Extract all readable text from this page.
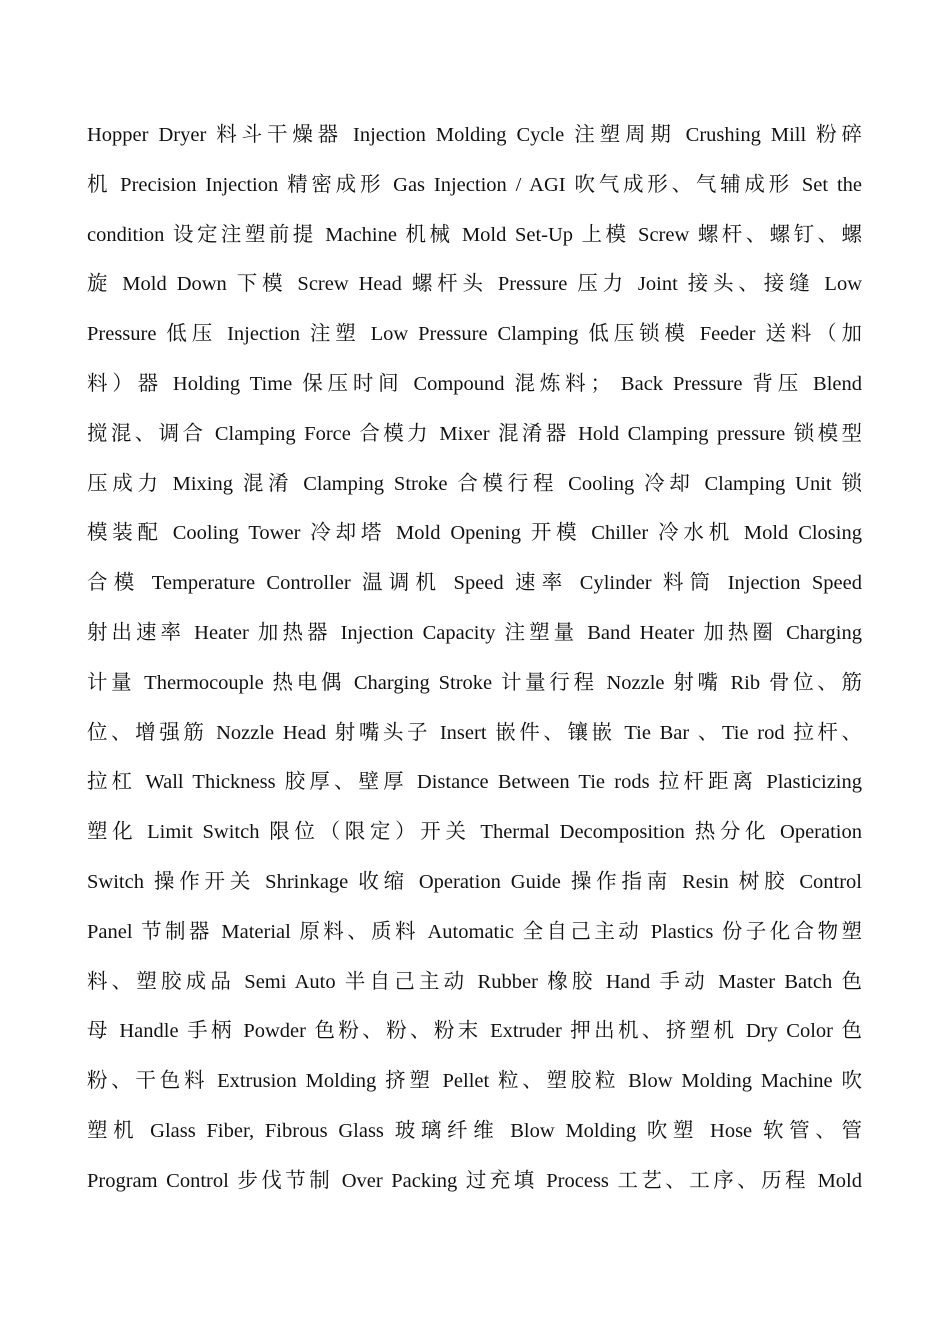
Hopper Dryer 料斗干燥器 Injection Molding Cycle 注塑周期 Crushing Mill 粉碎
机 Precision Injection 精密成形 Gas Injection / AGI 吹气成形、气辅成形 Set the
condition 设定注塑前提 Machine 机械 Mold Set-Up 上模 Screw 螺杆、螺钉、螺
旋 Mold Down 下模 Screw Head 螺杆头 Pressure 压力 Joint 接头、接缝 Low
Pressure 低压 Injection 注塑 Low Pressure Clamping 低压锁模 Feeder 送料（加
料）器 Holding Time 保压时间 Compound 混炼料； Back Pressure 背压 Blend
搅混、调合 Clamping Force 合模力 Mixer 混淆器 Hold Clamping pressure 锁模型
压成力 Mixing 混淆 Clamping Stroke 合模行程 Cooling 冷却 Clamping Unit 锁
模装配 Cooling Tower 冷却塔 Mold Opening 开模 Chiller 冷水机 Mold Closing
合模 Temperature Controller 温调机 Speed 速率 Cylinder 料筒 Injection Speed
射出速率 Heater 加热器 Injection Capacity 注塑量 Band Heater 加热圈 Charging
计量 Thermocouple 热电偶 Charging Stroke 计量行程 Nozzle 射嘴 Rib 骨位、筋
位、增强筋 Nozzle Head 射嘴头子 Insert 嵌件、镶嵌 Tie Bar 、Tie rod 拉杆、
拉杠 Wall Thickness 胶厚、壁厚 Distance Between Tie rods 拉杆距离 Plasticizing
塑化 Limit Switch 限位（限定）开关 Thermal Decomposition 热分化 Operation
Switch 操作开关 Shrinkage 收缩 Operation Guide 操作指南 Resin 树胶 Control
Panel 节制器 Material 原料、质料 Automatic 全自己主动 Plastics 份子化合物塑
料、塑胶成品 Semi Auto 半自己主动 Rubber 橡胶 Hand 手动 Master Batch 色
母 Handle 手柄 Powder 色粉、粉、粉末 Extruder 押出机、挤塑机 Dry Color 色
粉、干色料 Extrusion Molding 挤塑 Pellet 粒、塑胶粒 Blow Molding Machine 吹
塑机 Glass Fiber, Fibrous Glass 玻璃纤维 Blow Molding 吹塑 Hose 软管、管
Program Control 步伐节制 Over Packing 过充填 Process 工艺、工序、历程 Mold
